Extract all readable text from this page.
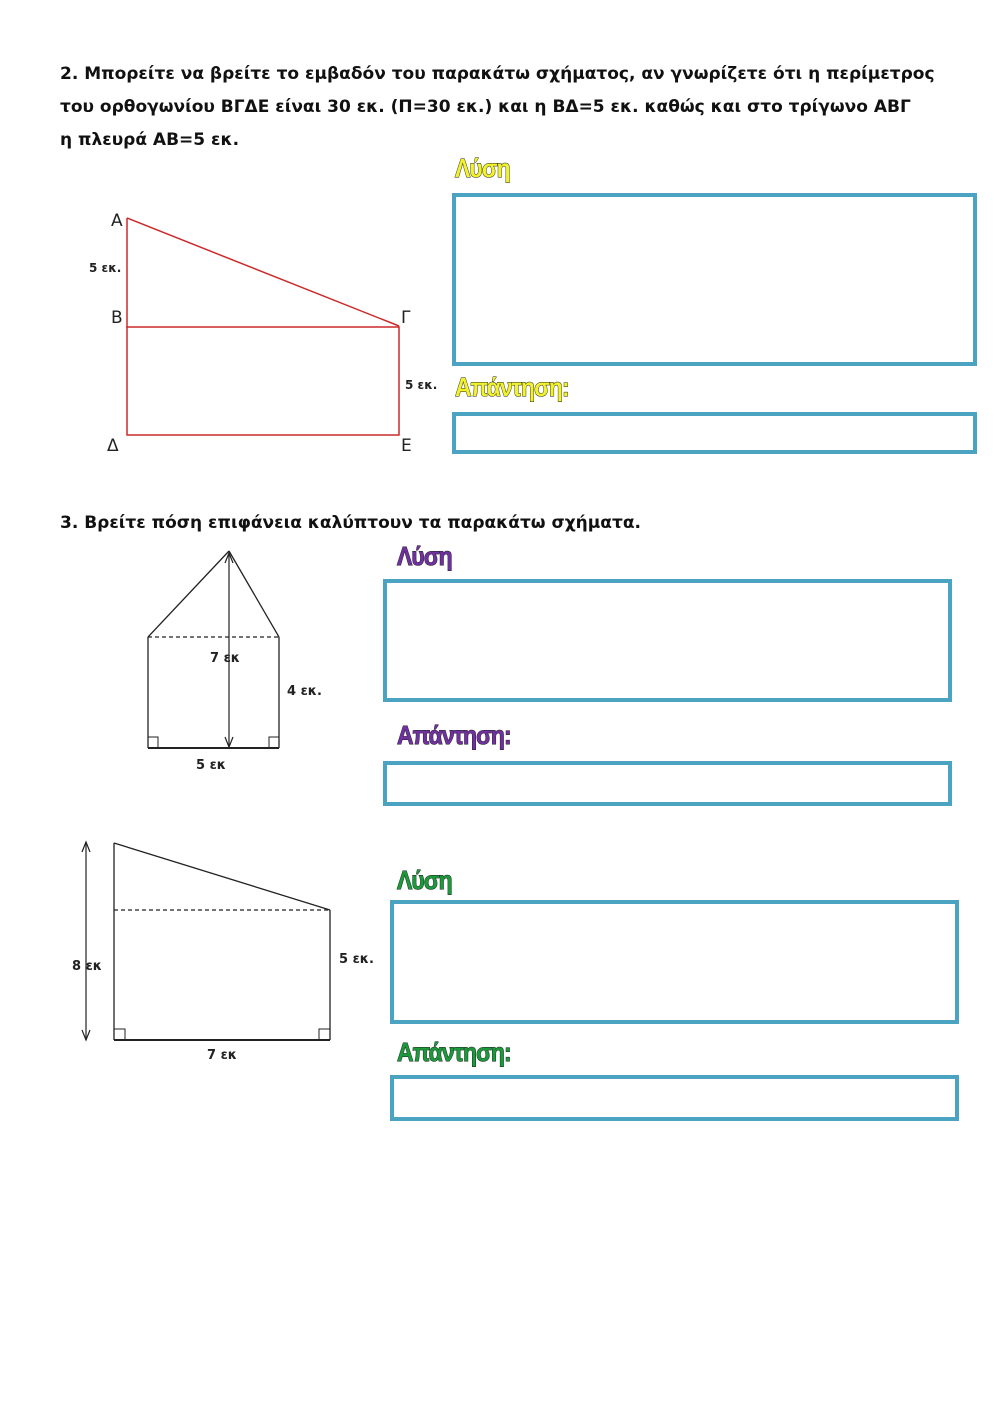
2. Μπορείτε να βρείτε το εμβαδόν του παρακάτω σχήματος, αν γνωρίζετε ότι η περίμετρος

του ορθογωνίου ΒΓΔΕ είναι 30 εκ. (Π=30 εκ.) και η ΒΔ=5 εκ. καθώς και στο τρίγωνο ΑΒΓ

η πλευρά ΑΒ=5 εκ.

Α
Β	Γ
Δ	Ε
5 εκ.
5 εκ.
Λύση
Απάντηση:

3. Βρείτε πόση επιφάνεια καλύπτουν τα παρακάτω σχήματα.

7 εκ
4 εκ.
5 εκ
Λύση
Απάντηση:
8 εκ	5 εκ.
7 εκ
Λύση
Απάντηση:
